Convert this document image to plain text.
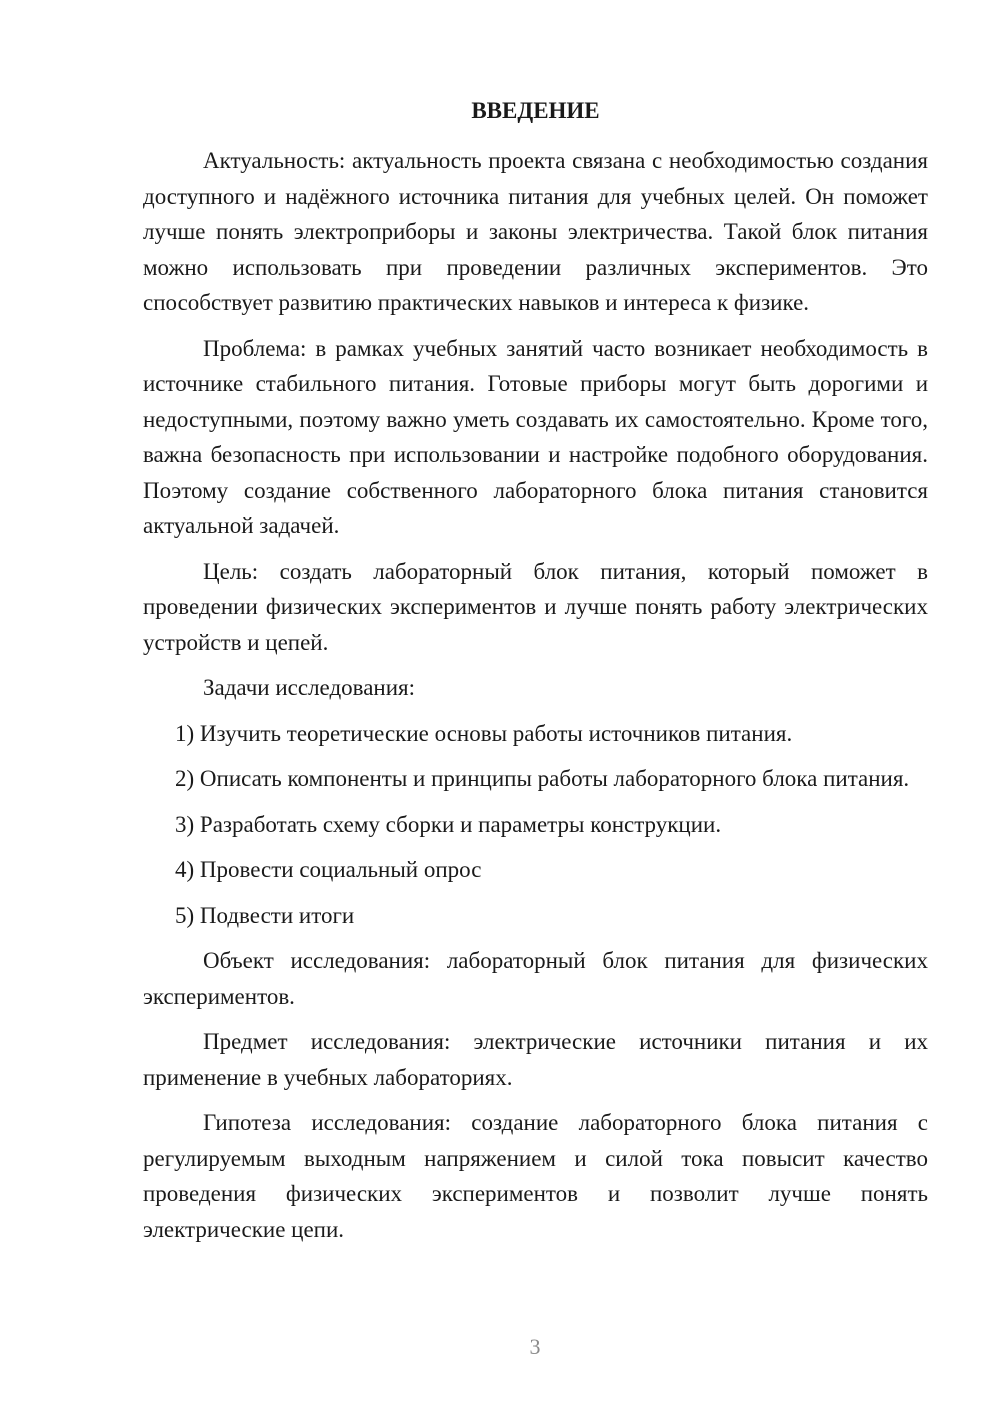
ВВЕДЕНИЕ

Актуальность: актуальность проекта связана с необходимостью создания доступного и надёжного источника питания для учебных целей. Он поможет лучше понять электроприборы и законы электричества. Такой блок питания можно использовать при проведении различных экспериментов. Это способствует развитию практических навыков и интереса к физике.

Проблема: в рамках учебных занятий часто возникает необходимость в источнике стабильного питания. Готовые приборы могут быть дорогими и недоступными, поэтому важно уметь создавать их самостоятельно. Кроме того, важна безопасность при использовании и настройке подобного оборудования. Поэтому создание собственного лабораторного блока питания становится актуальной задачей.

Цель: создать лабораторный блок питания, который поможет в проведении физических экспериментов и лучше понять работу электрических устройств и цепей.

Задачи исследования:

1) Изучить теоретические основы работы источников питания.

2) Описать компоненты и принципы работы лабораторного блока питания.

3) Разработать схему сборки и параметры конструкции.

4) Провести социальный опрос

5) Подвести итоги

Объект исследования: лабораторный блок питания для физических экспериментов.

Предмет исследования: электрические источники питания и их применение в учебных лабораториях.

Гипотеза исследования: создание лабораторного блока питания с регулируемым выходным напряжением и силой тока повысит качество проведения физических экспериментов и позволит лучше понять электрические цепи.

3
